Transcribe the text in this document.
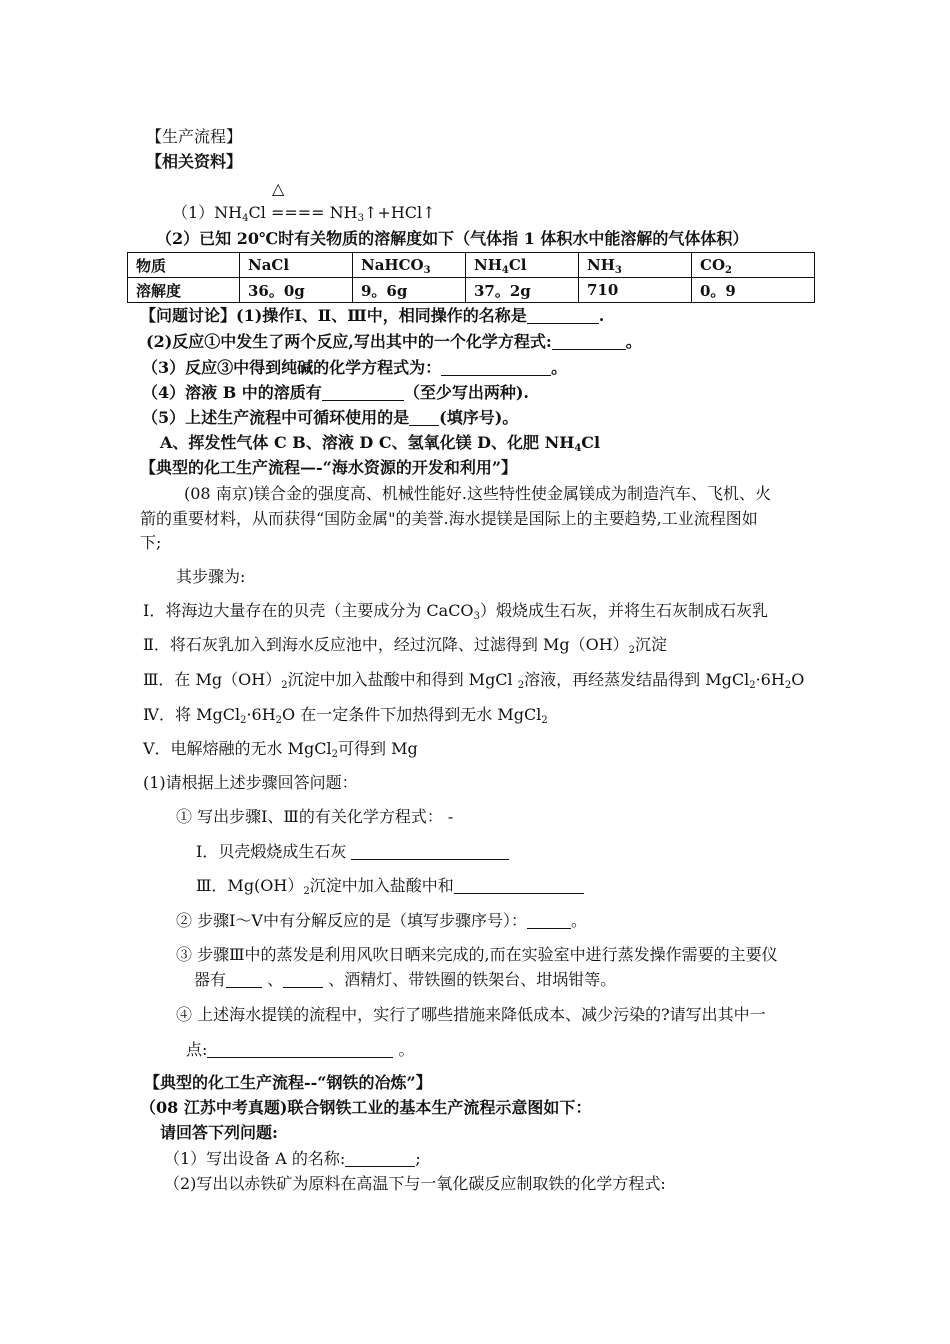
【生产流程】
【相关资料】
△
$(1)NH_4Cl$ ==== $NH_3↑+HCl↑$
（2）已知 20℃时有关物质的溶解度如下（气体指 1 体积水中能溶解的气体体积）
物质	NaCl	NaHCO$_3$	$NH_4Cl$	$NH_3$	$CO_2$
溶解度	36。0g	9。6g	37。2g	710	0。9
【问题讨论】(1)操作Ⅰ、Ⅱ、Ⅲ中，相同操作的名称是	.
(2)反应①中发生了两个反应,写出其中的一个化学方程式:	。
（3）反应③中得到纯碱的化学方程式为：	。
（4）溶液 B 中的溶质有	（至少写出两种).
（5）上述生产流程中可循环使用的是 (填序号)。
A、挥发性气体 C B、溶液 D C、氢氧化镁 D、化肥 $NH_4Cl$
【典型的化工生产流程—-“海水资源的开发和利用”】
(08 南京)镁合金的强度高、机械性能好.这些特性使金属镁成为制造汽车、飞机、火
箭的重要材料，从而获得“国防金属"的美誉.海水提镁是国际上的主要趋势,工业流程图如
下;
其步骤为:
I．将海边大量存在的贝壳（主要成分为 CaCO$_3$）煅烧成生石灰，并将生石灰制成石灰乳
Ⅱ．将石灰乳加入到海水反应池中，经过沉降、过滤得到 $Mg(OH)_2$沉淀
Ⅲ．在 $Mg(OH)_2$沉淀中加入盐酸中和得到 MgCl $_2$溶液，再经蒸发结晶得到 $MgCl_2\cdot 6H_2O$
Ⅳ．将 $MgCl_2\cdot 6H_2O$ 在一定条件下加热得到无水 MgCl$_2$
V．电解熔融的无水 MgCl$_2$可得到 Mg
(1)请根据上述步骤回答问题：
① 写出步骤Ⅰ、Ⅲ的有关化学方程式： -
I．贝壳煅烧成生石灰
Ⅲ．$Mg(OH)_2$沉淀中加入盐酸中和
② 步骤Ⅰ～Ⅴ中有分解反应的是（填写步骤序号）：	。
③ 步骤Ⅲ中的蒸发是利用风吹日晒来完成的,而在实验室中进行蒸发操作需要的主要仪
器有 、	、酒精灯、带铁圈的铁架台、坩埚钳等。
④ 上述海水提镁的流程中，实行了哪些措施来降低成本、减少污染的?请写出其中一
点:	。
【典型的化工生产流程--“钢铁的冶炼”】
（08 江苏中考真题)联合钢铁工业的基本生产流程示意图如下：
请回答下列问题:
（1）写出设备 A 的名称:	;
（2)写出以赤铁矿为原料在高温下与一氧化碳反应制取铁的化学方程式:
